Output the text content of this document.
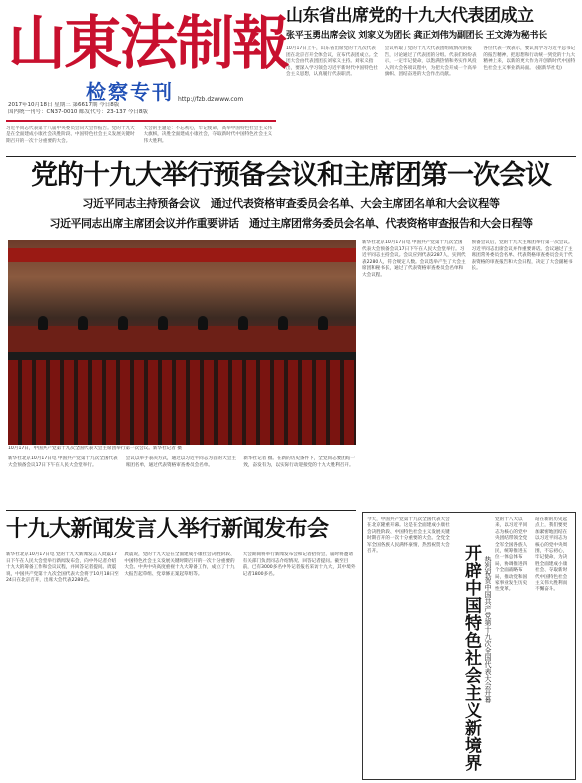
山東法制報
检察专刊 http://fzb.dzwww.com
2017年10月18日 星期三 第6617期 今日8版
国内统一刊号：CN37-0010 邮发代号：23-137 今日8版
山东省出席党的十九大代表团成立
张平玉勇出席会议 刘家义为团长 龚正刘伟为副团长 王文涛为秘书长
10月17日上午，山东省出席党的十九次代表团在北京召开全体会议，宣布代表团成立。全团大会由代表团团长刘家义主持。刘家义指出，要深入学习领会习近平新时代中国特色社会主义思想，认真履行代表职责。
会议听取了党的十九大代表团组成情况的报告，讨论通过了代表团的分组。代表们纷纷表示，一定牢记使命，以饱满热情和务实作风投入到大会各项议程中，为把大会开成一个高举旗帜、团结奋进的大会作出贡献。
各位代表一致表示，要认真学习习近平总书记的报告精神，把思想和行动统一到党的十九大精神上来，以新的更大作为开创新时代中国特色社会主义事业新局面。 (据新华社电)
习近平同志代表第十八届中央委员会向大会作报告。党的十九大是在全面建成小康社会决胜阶段、中国特色社会主义发展关键时期召开的一次十分重要的大会。
大会的主题是：不忘初心，牢记使命，高举中国特色社会主义伟大旗帜，决胜全面建成小康社会，夺取新时代中国特色社会主义伟大胜利。
党的十九大举行预备会议和主席团第一次会议
习近平同志主持预备会议　通过代表资格审查委员会名单、大会主席团名单和大会议程等
习近平同志出席主席团会议并作重要讲话　通过主席团常务委员会名单、代表资格审查报告和大会日程等
10月17日，中国共产党第十九次全国代表大会主席团举行第一次会议。新华社记者 摄
新华社北京10月17日电 中国共产党第十九次全国代表大会预备会议17日下午在人民大会堂举行。习近平同志主持会议。会议应到代表2287人，实到代表2280人，符合规定人数。会议选举产生了大会主席团和秘书长，通过了代表资格审查委员会名单和大会议程。
预备会议后，党的十九大主席团举行第一次会议。习近平同志出席会议并作重要讲话。会议通过了主席团常务委员会名单、代表资格审查委员会关于代表资格的审查报告和大会日程，决定了大会副秘书长。
新华社北京10月17日电 中国共产党第十九次全国代表大会预备会议17日下午在人民大会堂举行。
会议以举手表决方式，通过以习近平同志为首的大会主席团名单，通过代表资格审查委员会名单。
新华社记者 摄。在新的历史条件下，全党同志要团结一致，奋发有为，以实际行动迎接党的十九大胜利召开。
十九大新闻发言人举行新闻发布会
新华社北京10月17日电 党的十九大新闻发言人庹震17日下午在人民大会堂举行新闻发布会，向中外记者介绍十九大的筹备工作和会议议程，并回答记者提问。庹震说，中国共产党第十九次全国代表大会将于10月18日至24日在北京召开，出席大会代表2280名。
庹震说，党的十九大是在全面建成小康社会决胜阶段、中国特色社会主义发展关键时期召开的一次十分重要的大会。中共中央高度重视十九大筹备工作，成立了十九大报告起草组、党章修正案起草组等。
大会期间将举行新闻发布会和记者招待会，届时将邀请有关部门负责同志介绍情况、回答记者提问。截至目前，已有3000多名中外记者报名采访十九大，其中境外记者1800多名。
今天，中国共产党第十九次全国代表大会在北京隆重开幕。这是在全面建成小康社会决胜阶段、中国特色社会主义发展关键时期召开的一次十分重要的大会。全党全军全国各族人民满怀豪情，热烈祝贺大会召开。
党的十八大以来，以习近平同志为核心的党中央团结带领全党全军全国各族人民，统筹推进五位一体总体布局，协调推进四个全面战略布局，推动党和国家事业发生历史性变革。
站在新的历史起点上，我们要更加紧密地团结在以习近平同志为核心的党中央周围，不忘初心，牢记使命，为决胜全面建成小康社会、夺取新时代中国特色社会主义伟大胜利而不懈奋斗。
开辟中国特色社会主义新境界 热烈祝贺中国共产党第十九次全国代表大会开幕
